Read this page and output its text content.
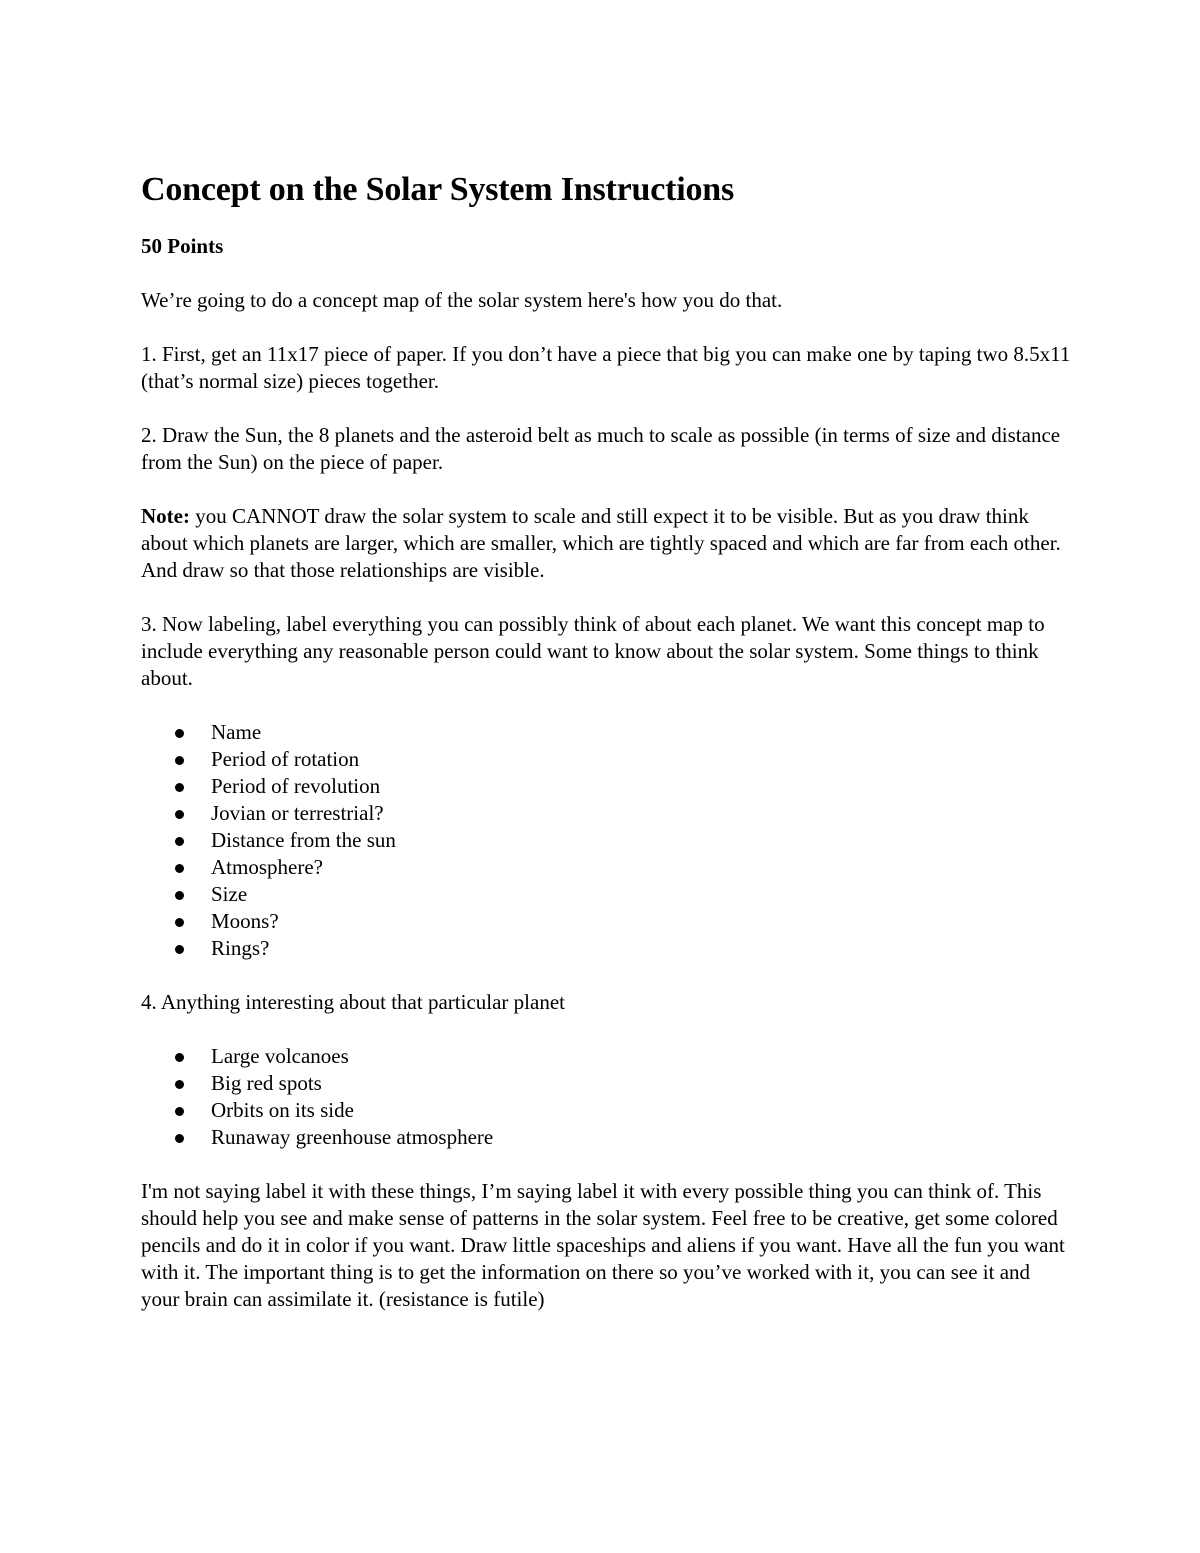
Concept on the Solar System Instructions
50 Points

We’re going to do a concept map of the solar system here's how you do that.

1. First, get an 11x17 piece of paper. If you don’t have a piece that big you can make one by taping two 8.5x11 (that’s normal size) pieces together.

2. Draw the Sun, the 8 planets and the asteroid belt as much to scale as possible (in terms of size and distance from the Sun) on the piece of paper.

Note: you CANNOT draw the solar system to scale and still expect it to be visible. But as you draw think about which planets are larger, which are smaller, which are tightly spaced and which are far from each other. And draw so that those relationships are visible.

3. Now labeling, label everything you can possibly think of about each planet. We want this concept map to include everything any reasonable person could want to know about the solar system. Some things to think about.

Name
Period of rotation
Period of revolution
Jovian or terrestrial?
Distance from the sun
Atmosphere?
Size
Moons?
Rings?

4. Anything interesting about that particular planet

Large volcanoes
Big red spots
Orbits on its side
Runaway greenhouse atmosphere

I'm not saying label it with these things, I’m saying label it with every possible thing you can think of. This should help you see and make sense of patterns in the solar system. Feel free to be creative, get some colored pencils and do it in color if you want. Draw little spaceships and aliens if you want. Have all the fun you want with it. The important thing is to get the information on there so you’ve worked with it, you can see it and your brain can assimilate it. (resistance is futile)
